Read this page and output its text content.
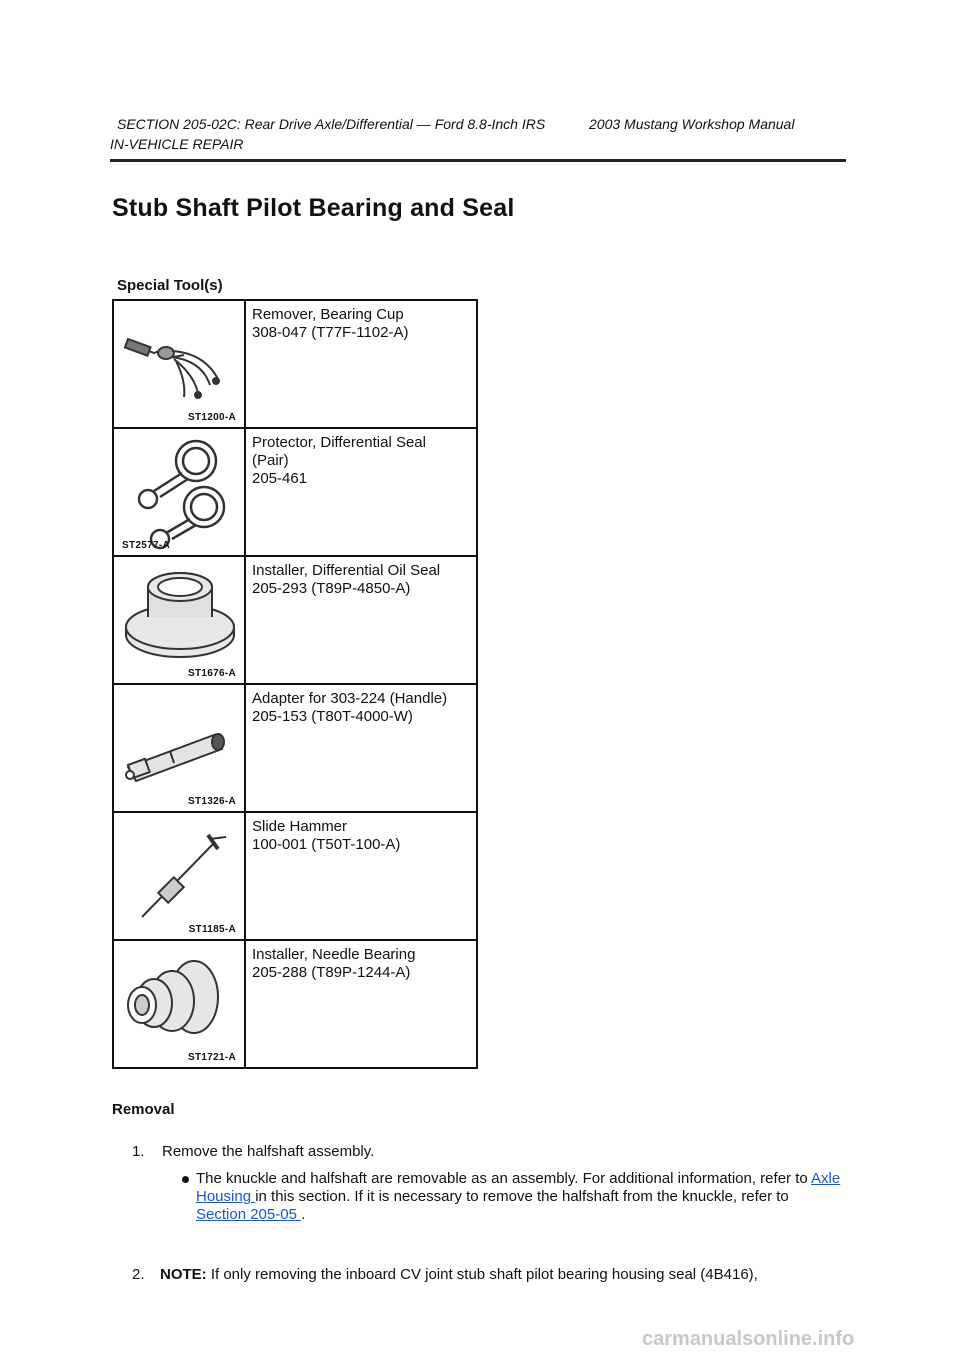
SECTION 205-02C: Rear Drive Axle/Differential — Ford 8.8-Inch IRS	2003 Mustang Workshop Manual
IN-VEHICLE REPAIR
Stub Shaft Pilot Bearing and Seal
Special Tool(s)
ST1200-A	Remover, Bearing Cup
308-047 (T77F-1102-A)

ST2577-A	Protector, Differential Seal
(Pair)
205-461

ST1676-A	Installer, Differential Oil Seal
205-293 (T89P-4850-A)

ST1326-A	Adapter for 303-224 (Handle)
205-153 (T80T-4000-W)

ST1185-A	Slide Hammer
100-001 (T50T-100-A)

ST1721-A	Installer, Needle Bearing
205-288 (T89P-1244-A)
Removal
1. Remove the halfshaft assembly.
The knuckle and halfshaft are removable as an assembly. For additional information, refer to Axle Housing in this section. If it is necessary to remove the halfshaft from the knuckle, refer to Section 205-05 .
2. NOTE: If only removing the inboard CV joint stub shaft pilot bearing housing seal (4B416),
carmanualsonline.info
